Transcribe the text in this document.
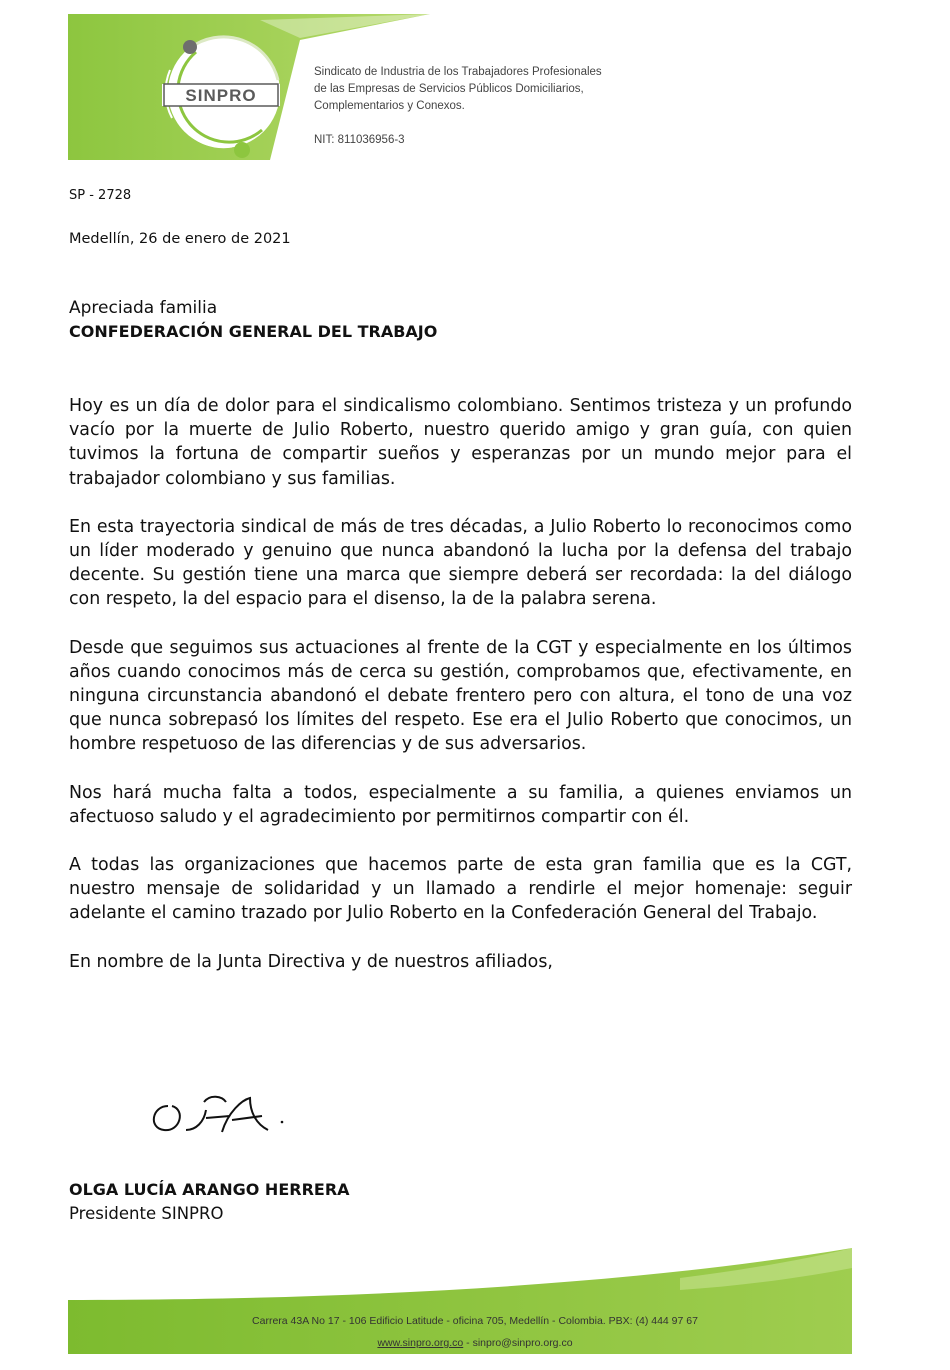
SINPRO
Sindicato de Industria de los Trabajadores Profesionales
de las Empresas de Servicios Públicos Domiciliarios,
Complementarios y Conexos.
NIT: 811036956-3
SP - 2728
Medellín, 26 de enero de 2021
Apreciada familia
CONFEDERACIÓN GENERAL DEL TRABAJO

Hoy es un día de dolor para el sindicalismo colombiano. Sentimos tristeza y un profundo vacío por la muerte de Julio Roberto, nuestro querido amigo y gran guía, con quien tuvimos la fortuna de compartir sueños y esperanzas por un mundo mejor para el trabajador colombiano y sus familias.

En esta trayectoria sindical de más de tres décadas, a Julio Roberto lo reconocimos como un líder moderado y genuino que nunca abandonó la lucha por la defensa del trabajo decente. Su gestión tiene una marca que siempre deberá ser recordada: la del diálogo con respeto, la del espacio para el disenso, la de la palabra serena.

Desde que seguimos sus actuaciones al frente de la CGT y especialmente en los últimos años cuando conocimos más de cerca su gestión, comprobamos que, efectivamente, en ninguna circunstancia abandonó el debate frentero pero con altura, el tono de una voz que nunca sobrepasó los límites del respeto. Ese era el Julio Roberto que conocimos, un hombre respetuoso de las diferencias y de sus adversarios.

Nos hará mucha falta a todos, especialmente a su familia, a quienes enviamos un afectuoso saludo y el agradecimiento por permitirnos compartir con él.

A todas las organizaciones que hacemos parte de esta gran familia que es la CGT, nuestro mensaje de solidaridad y un llamado a rendirle el mejor homenaje: seguir adelante el camino trazado por Julio Roberto en la Confederación General del Trabajo.

En nombre de la Junta Directiva y de nuestros afiliados,

OLGA LUCÍA ARANGO HERRERA
Presidente SINPRO
Carrera 43A No 17 - 106 Edificio Latitude - oficina 705, Medellín - Colombia. PBX: (4) 444 97 67
www.sinpro.org.co - sinpro@sinpro.org.co
